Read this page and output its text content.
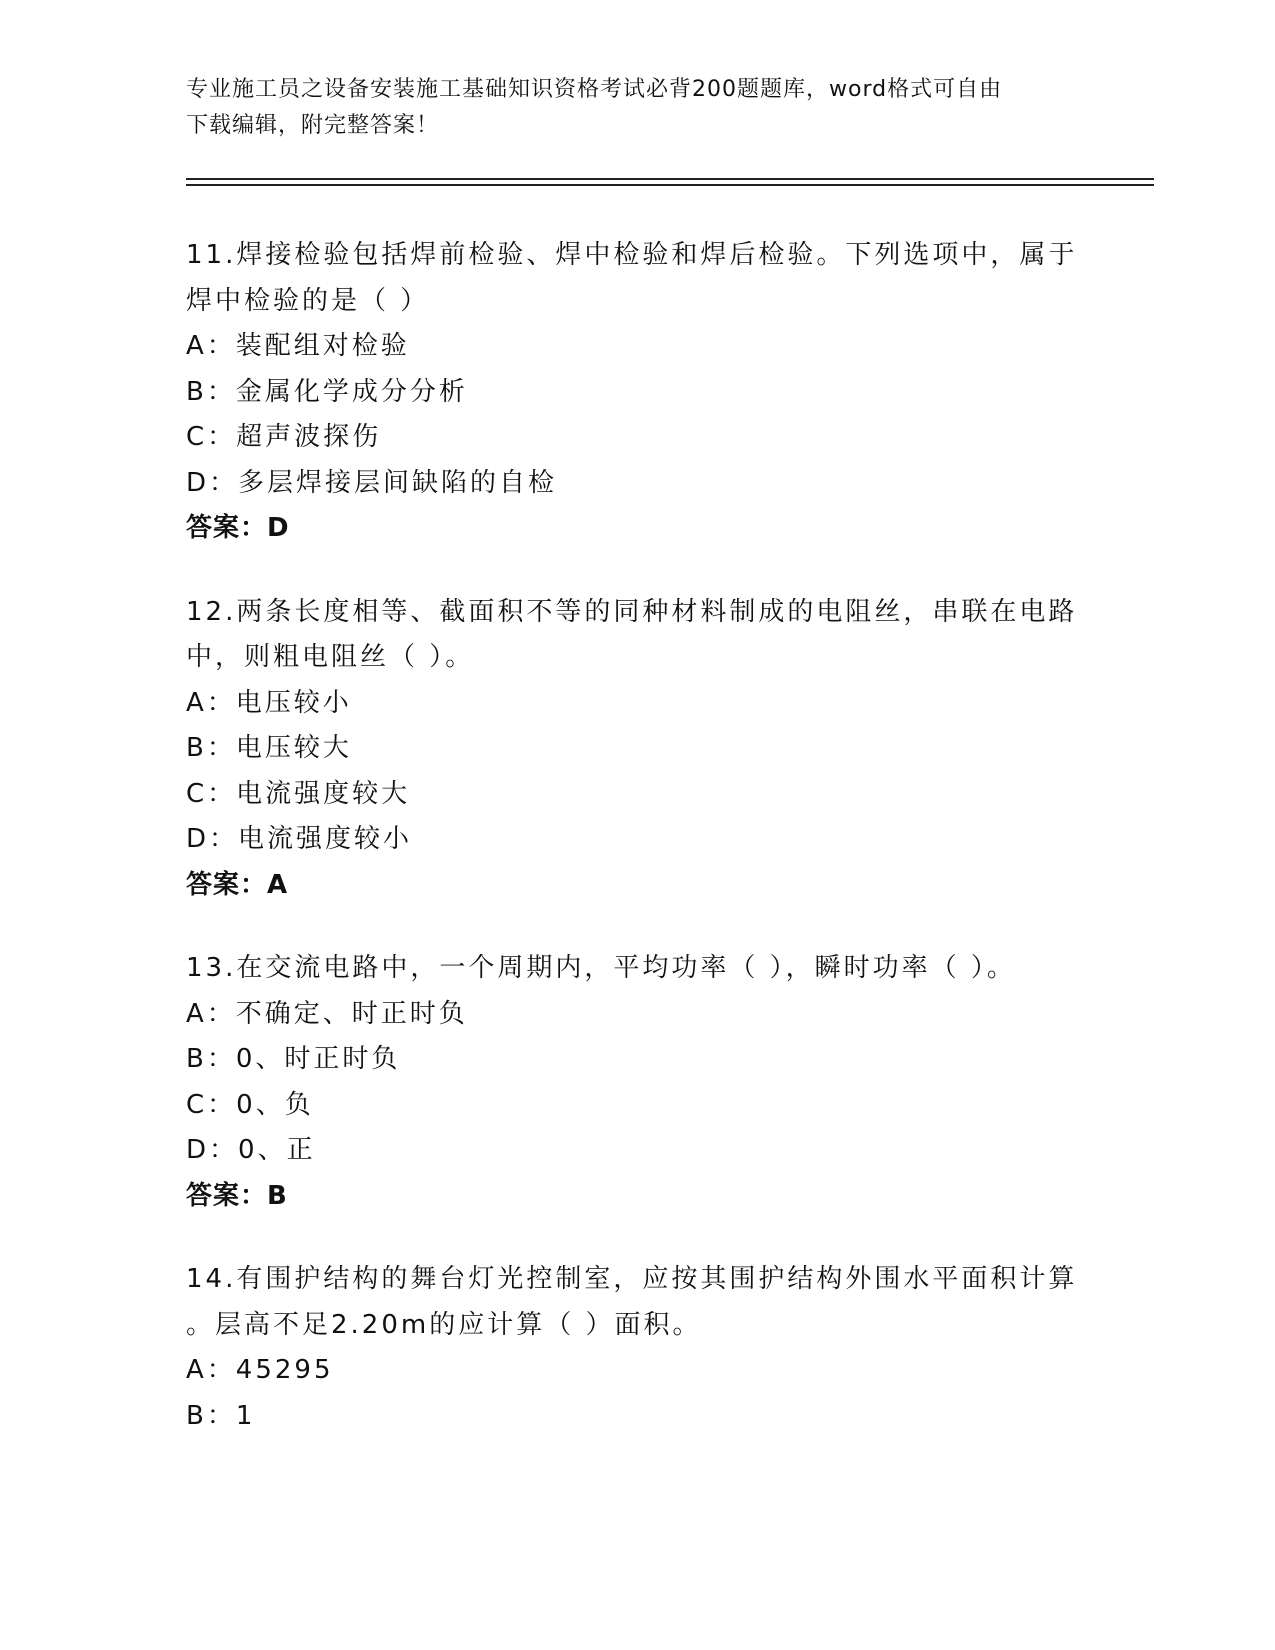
专业施工员之设备安装施工基础知识资格考试必背200题题库，word格式可自由
下载编辑，附完整答案！
11.焊接检验包括焊前检验、焊中检验和焊后检验。下列选项中，属于
焊中检验的是（ ）
A：装配组对检验
B：金属化学成分分析
C：超声波探伤
D：多层焊接层间缺陷的自检
答案：D
12.两条长度相等、截面积不等的同种材料制成的电阻丝，串联在电路
中，则粗电阻丝（ ）。
A：电压较小
B：电压较大
C：电流强度较大
D：电流强度较小
答案：A
13.在交流电路中，一个周期内，平均功率（ ），瞬时功率（ ）。
A：不确定、时正时负
B：0、时正时负
C：0、负
D：0、正
答案：B
14.有围护结构的舞台灯光控制室，应按其围护结构外围水平面积计算
。层高不足2.20m的应计算（ ）面积。
A：45295
B：1
